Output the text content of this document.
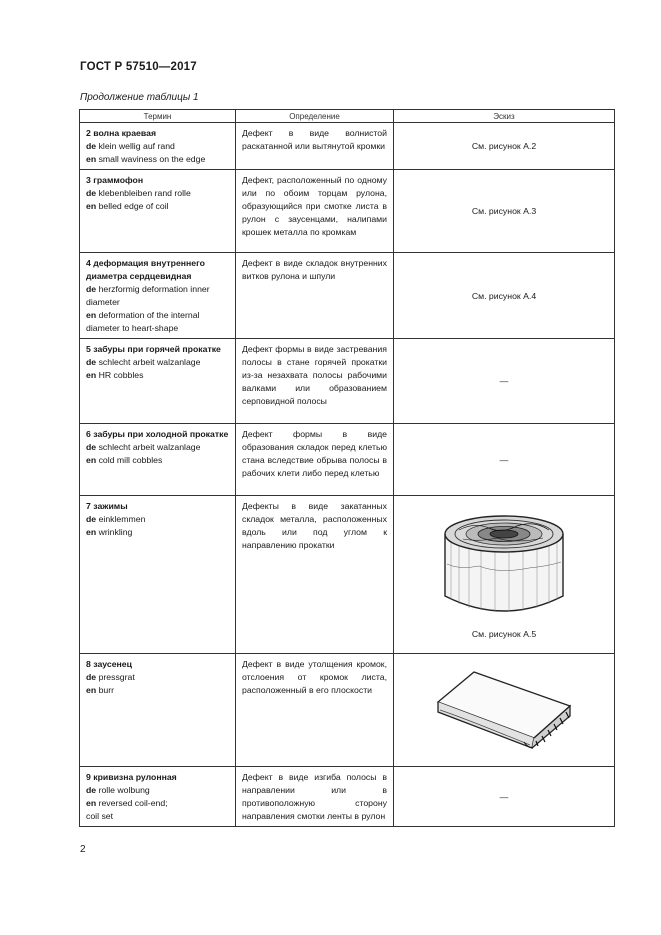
ГОСТ Р 57510—2017
Продолжение таблицы 1
Термин	Определение	Эскиз

2 волна краевая
de klein wellig auf rand
en small waviness on the edge	Дефект в виде волнистой раскатанной или вытянутой кромки	См. рисунок А.2

3 граммофон
de klebenbleiben rand rolle
en belled edge of coil	Дефект, расположенный по одному или по обоим торцам рулона, образующийся при смотке листа в рулон с заусенцами, налипами крошек металла по кромкам	См. рисунок А.3

4 деформация внутреннего диаметра сердцевидная
de herzformig deformation inner diameter
en deformation of the internal diameter to heart-shape	Дефект в виде складок внутренних витков рулона и шпули	См. рисунок А.4

5 забуры при горячей прокатке
de schlecht arbeit walzanlage
en HR cobbles	Дефект формы в виде застревания полосы в стане горячей прокатки из-за незахвата полосы рабочими валками или образованием серповидной полосы	—

6 забуры при холодной прокатке
de schlecht arbeit walzanlage
en cold mill cobbles	Дефект формы в виде образования складок перед клетью стана вследствие обрыва полосы в рабочих клети либо перед клетью	—

7 зажимы
de einklemmen
en wrinkling	Дефекты в виде закатанных складок металла, расположенных вдоль или под углом к направлению прокатки	См. рисунок А.5

8 заусенец
de pressgrat
en burr	Дефект в виде утолщения кромок, отслоения от кромок листа, расположенный в его плоскости	

9 кривизна рулонная
de rolle wolbung
en reversed coil-end;
coil set	Дефект в виде изгиба полосы в направлении или в противоположную сторону направления смотки ленты в рулон	—
2
